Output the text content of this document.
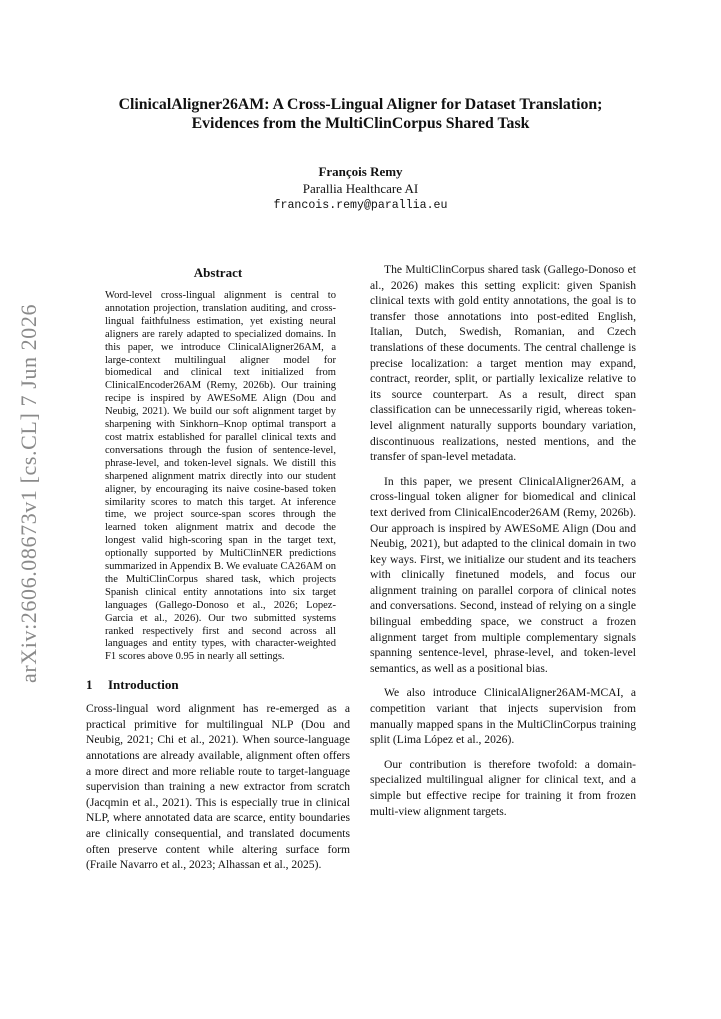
ClinicalAligner26AM: A Cross-Lingual Aligner for Dataset Translation;
Evidences from the MultiClinCorpus Shared Task
François Remy
Parallia Healthcare AI
francois.remy@parallia.eu
arXiv:2606.08673v1 [cs.CL] 7 Jun 2026
Abstract

Word-level cross-lingual alignment is central to annotation projection, translation auditing, and cross-lingual faithfulness estimation, yet existing neural aligners are rarely adapted to specialized domains. In this paper, we introduce ClinicalAligner26AM, a large-context multilingual aligner model for biomedical and clinical text initialized from ClinicalEncoder26AM (Remy, 2026b). Our training recipe is inspired by AWESoME Align (Dou and Neubig, 2021). We build our soft alignment target by sharpening with Sinkhorn–Knop optimal transport a cost matrix established for parallel clinical texts and conversations through the fusion of sentence-level, phrase-level, and token-level signals. We distill this sharpened alignment matrix directly into our student aligner, by encouraging its naive cosine-based token similarity scores to match this target. At inference time, we project source-span scores through the learned token alignment matrix and decode the longest valid high-scoring span in the target text, optionally supported by MultiClinNER predictions summarized in Appendix B. We evaluate CA26AM on the MultiClinCorpus shared task, which projects Spanish clinical entity annotations into six target languages (Gallego-Donoso et al., 2026; Lopez-Garcia et al., 2026). Our two submitted systems ranked respectively first and second across all languages and entity types, with character-weighted F1 scores above 0.95 in nearly all settings.

1 Introduction

Cross-lingual word alignment has re-emerged as a practical primitive for multilingual NLP (Dou and Neubig, 2021; Chi et al., 2021). When source-language annotations are already available, alignment often offers a more direct and more reliable route to target-language supervision than training a new extractor from scratch (Jacqmin et al., 2021). This is especially true in clinical NLP, where annotated data are scarce, entity boundaries are clinically consequential, and translated documents often preserve content while altering surface form (Fraile Navarro et al., 2023; Alhassan et al., 2025).

The MultiClinCorpus shared task (Gallego-Donoso et al., 2026) makes this setting explicit: given Spanish clinical texts with gold entity annotations, the goal is to transfer those annotations into post-edited English, Italian, Dutch, Swedish, Romanian, and Czech translations of these documents. The central challenge is precise localization: a target mention may expand, contract, reorder, split, or partially lexicalize relative to its source counterpart. As a result, direct span classification can be unnecessarily rigid, whereas token-level alignment naturally supports boundary variation, discontinuous realizations, nested mentions, and the transfer of span-level metadata.

In this paper, we present ClinicalAligner26AM, a cross-lingual token aligner for biomedical and clinical text derived from ClinicalEncoder26AM (Remy, 2026b). Our approach is inspired by AWESoME Align (Dou and Neubig, 2021), but adapted to the clinical domain in two key ways. First, we initialize our student and its teachers with clinically finetuned models, and focus our alignment training on parallel corpora of clinical notes and conversations. Second, instead of relying on a single bilingual embedding space, we construct a frozen alignment target from multiple complementary signals spanning sentence-level, phrase-level, and token-level semantics, as well as a positional bias.

We also introduce ClinicalAligner26AM-MCAI, a competition variant that injects supervision from manually mapped spans in the MultiClinCorpus training split (Lima López et al., 2026).

Our contribution is therefore twofold: a domain-specialized multilingual aligner for clinical text, and a simple but effective recipe for training it from frozen multi-view alignment targets.
